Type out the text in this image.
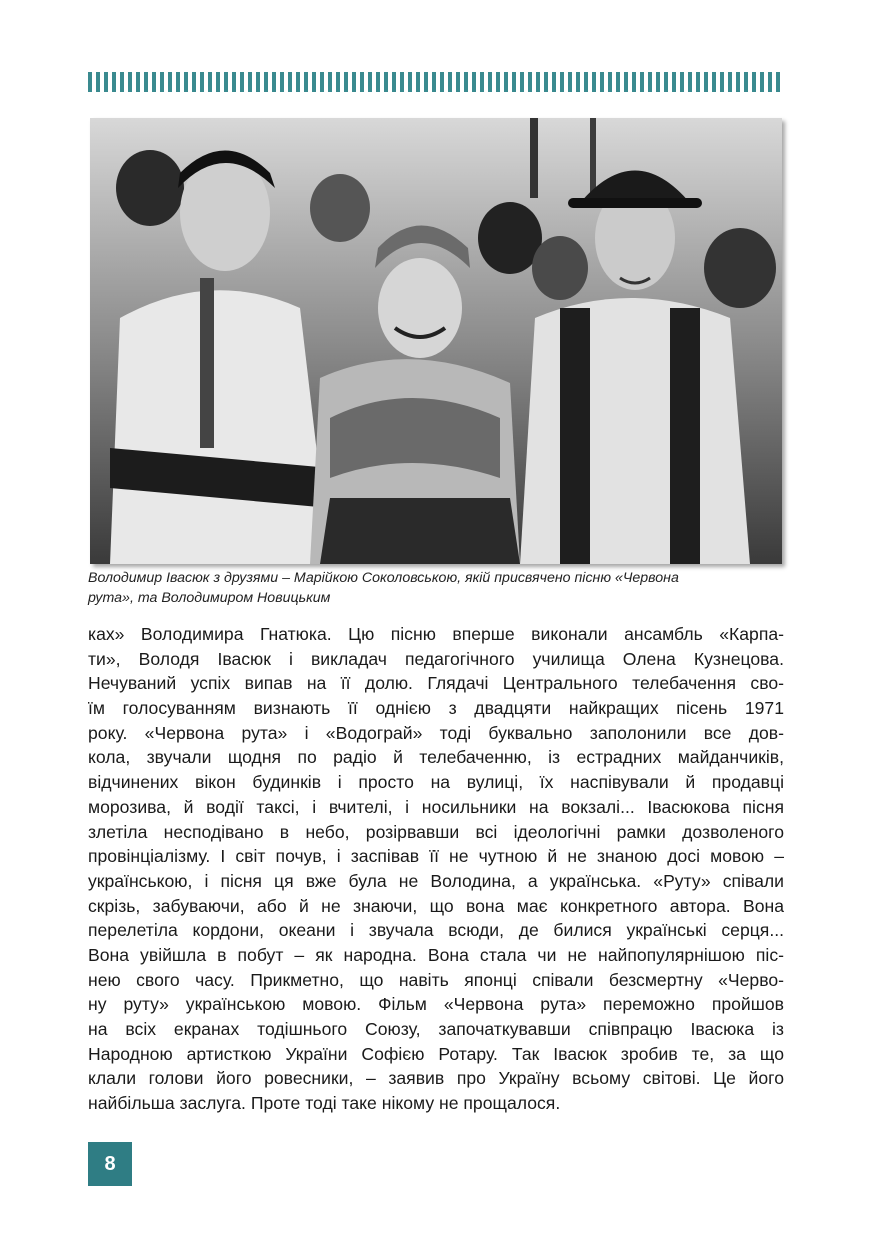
Володимир Івасюк з друзями – Марійкою Соколовською, якій присвячено пісню «Червона
рута», та Володимиром Новицьким
ках» Володимира Гнатюка. Цю пісню вперше виконали ансамбль «Карпа-
ти», Володя Івасюк і викладач педагогічного училища Олена Кузнецова.
Нечуваний успіх випав на її долю. Глядачі Центрального телебачення сво-
їм голосуванням визнають її однією з двадцяти найкращих пісень 1971
року. «Червона рута» і «Водограй» тоді буквально заполонили все дов-
кола, звучали щодня по радіо й телебаченню, із естрадних майданчиків,
відчинених вікон будинків і просто на вулиці, їх наспівували й продавці
морозива, й водії таксі, і вчителі, і носильники на вокзалі... Івасюкова пісня
злетіла несподівано в небо, розірвавши всі ідеологічні рамки дозволеного
провінціалізму. І світ почув, і заспівав її не чутною й не знаною досі мовою –
українською, і пісня ця вже була не Володина, а українська. «Руту» співали
скрізь, забуваючи, або й не знаючи, що вона має конкретного автора. Вона
перелетіла кордони, океани і звучала всюди, де билися українські серця...
Вона увійшла в побут – як народна. Вона стала чи не найпопулярнішою піс-
нею свого часу. Прикметно, що навіть японці співали безсмертну «Черво-
ну руту» українською мовою. Фільм «Червона рута» переможно пройшов
на всіх екранах тодішнього Союзу, започаткувавши співпрацю Івасюка із
Народною артисткою України Софією Ротару. Так Івасюк зробив те, за що
клали голови його ровесники, – заявив про Україну всьому світові. Це його
найбільша заслуга. Проте тоді таке нікому не прощалося.
8
